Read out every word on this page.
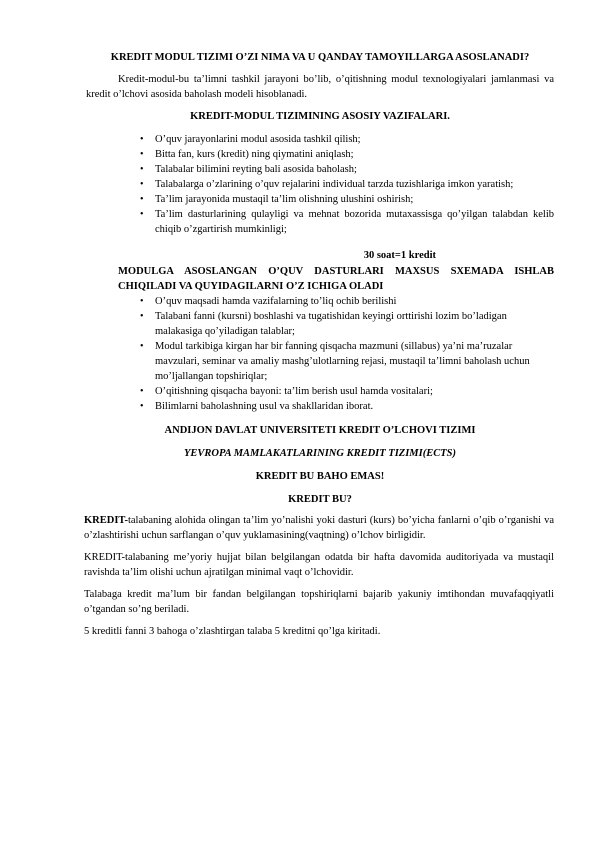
KREDIT MODUL TIZIMI O’ZI NIMA VA U QANDAY TAMOYILLARGA ASOSLANADI?

Kredit-modul-bu ta’limni tashkil jarayoni bo’lib, o’qitishning modul texnologiyalari jamlanmasi va kredit o’lchovi asosida baholash modeli hisoblanadi.

KREDIT-MODUL TIZIMINING ASOSIY VAZIFALARI.

• O’quv jarayonlarini modul asosida tashkil qilish;
• Bitta fan, kurs (kredit) ning qiymatini aniqlash;
• Talabalar bilimini reyting bali asosida baholash;
• Talabalarga o’zlarining o’quv rejalarini individual tarzda tuzishlariga imkon yaratish;
• Ta’lim jarayonida mustaqil ta’lim olishning ulushini oshirish;
• Ta’lim dasturlarining qulayligi va mehnat bozorida mutaxassisga qo’yilgan talabdan kelib chiqib o’zgartirish mumkinligi;

30 soat=1 kredit

MODULGA ASOSLANGAN O’QUV DASTURLARI MAXSUS SXEMADA ISHLAB CHIQILADI VA QUYIDAGILARNI O’Z ICHIGA OLADI

• O’quv maqsadi hamda vazifalarning to’liq ochib berilishi
• Talabani fanni (kursni) boshlashi va tugatishidan keyingi orttirishi lozim bo’ladigan malakasiga qo’yiladigan talablar;
• Modul tarkibiga kirgan har bir fanning qisqacha mazmuni (sillabus) ya’ni ma’ruzalar mavzulari, seminar va amaliy mashg’ulotlarning rejasi, mustaqil ta’limni baholash uchun mo’ljallangan topshiriqlar;
• O’qitishning qisqacha bayoni: ta’lim berish usul hamda vositalari;
• Bilimlarni baholashning usul va shakllaridan iborat.

ANDIJON DAVLAT UNIVERSITETI KREDIT O’LCHOVI TIZIMI

YEVROPA MAMLAKATLARINING KREDIT TIZIMI(ECTS)

KREDIT BU BAHO EMAS!

KREDIT BU?

KREDIT-talabaning alohida olingan ta’lim yo’nalishi yoki dasturi (kurs) bo’yicha fanlarni o’qib o’rganishi va o’zlashtirishi uchun sarflangan o’quv yuklamasining(vaqtning) o’lchov birligidir.

KREDIT-talabaning me’yoriy hujjat bilan belgilangan odatda bir hafta davomida auditoriyada va mustaqil ravishda ta’lim olishi uchun ajratilgan minimal vaqt o’lchovidir.

Talabaga kredit ma’lum bir fandan belgilangan topshiriqlarni bajarib yakuniy imtihondan muvafaqqiyatli o’tgandan so’ng beriladi.

5 kreditli fanni 3 bahoga o’zlashtirgan talaba 5 kreditni qo’lga kiritadi.
